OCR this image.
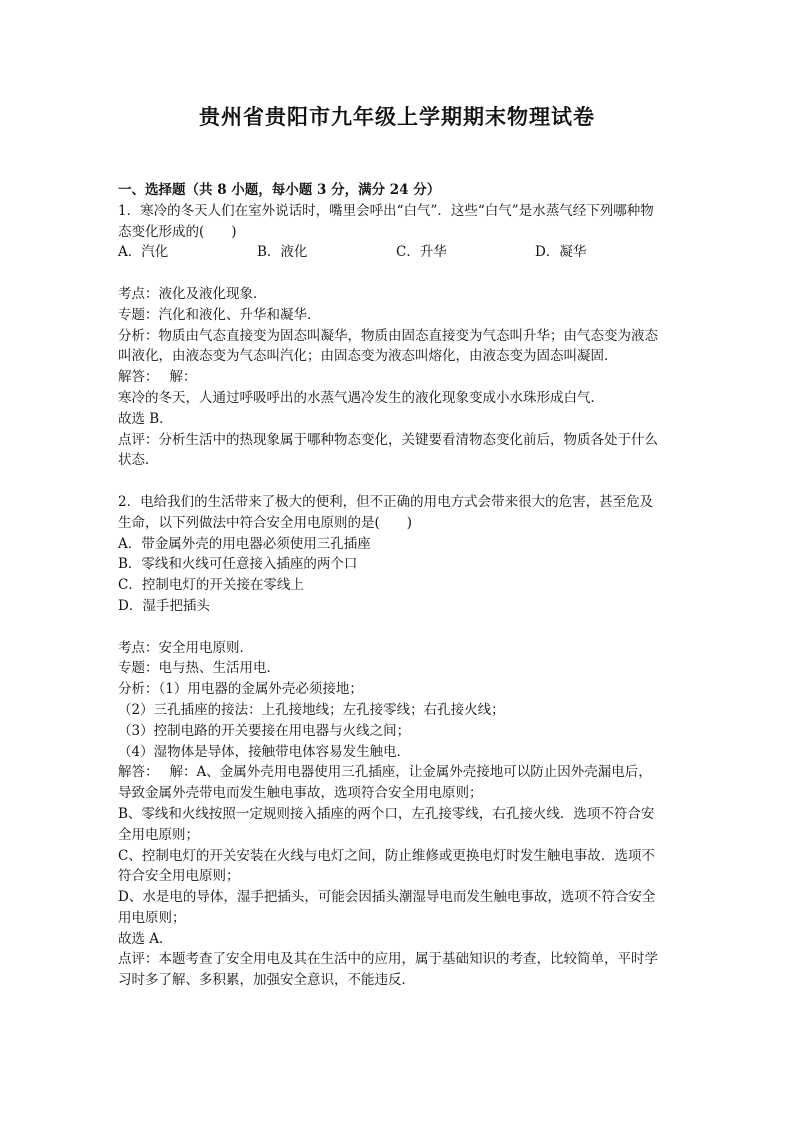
贵州省贵阳市九年级上学期期末物理试卷
一、选择题（共 8 小题，每小题 3 分，满分 24 分）
1．寒冷的冬天人们在室外说话时，嘴里会呼出“白气”．这些“白气”是水蒸气经下列哪种物
态变化形成的(　　)
A．汽化	B．液化	C．升华	D．凝华
考点：液化及液化现象．
专题：汽化和液化、升华和凝华．
分析：物质由气态直接变为固态叫凝华，物质由固态直接变为气态叫升华；由气态变为液态
叫液化，由液态变为气态叫汽化；由固态变为液态叫熔化，由液态变为固态叫凝固．
解答：　 解：
寒冷的冬天，人通过呼吸呼出的水蒸气遇冷发生的液化现象变成小水珠形成白气．
故选 B．
点评：分析生活中的热现象属于哪种物态变化，关键要看清物态变化前后，物质各处于什么
状态．
2．电给我们的生活带来了极大的便利，但不正确的用电方式会带来很大的危害，甚至危及
生命，以下列做法中符合安全用电原则的是(　　)
A．带金属外壳的用电器必须使用三孔插座
B．零线和火线可任意接入插座的两个口
C．控制电灯的开关接在零线上
D．湿手把插头
考点：安全用电原则．
专题：电与热、生活用电．
分析：（1）用电器的金属外壳必须接地；
（2）三孔插座的接法：上孔接地线；左孔接零线；右孔接火线；
（3）控制电路的开关要接在用电器与火线之间；
（4）湿物体是导体，接触带电体容易发生触电．
解答：　 解：A、金属外壳用电器使用三孔插座，让金属外壳接地可以防止因外壳漏电后，
导致金属外壳带电而发生触电事故，选项符合安全用电原则；
B、零线和火线按照一定规则接入插座的两个口，左孔接零线，右孔接火线．选项不符合安
全用电原则；
C、控制电灯的开关安装在火线与电灯之间，防止维修或更换电灯时发生触电事故．选项不
符合安全用电原则；
D、水是电的导体，湿手把插头，可能会因插头潮湿导电而发生触电事故，选项不符合安全
用电原则；
故选 A．
点评：本题考查了安全用电及其在生活中的应用，属于基础知识的考查，比较简单，平时学
习时多了解、多积累，加强安全意识，不能违反．
